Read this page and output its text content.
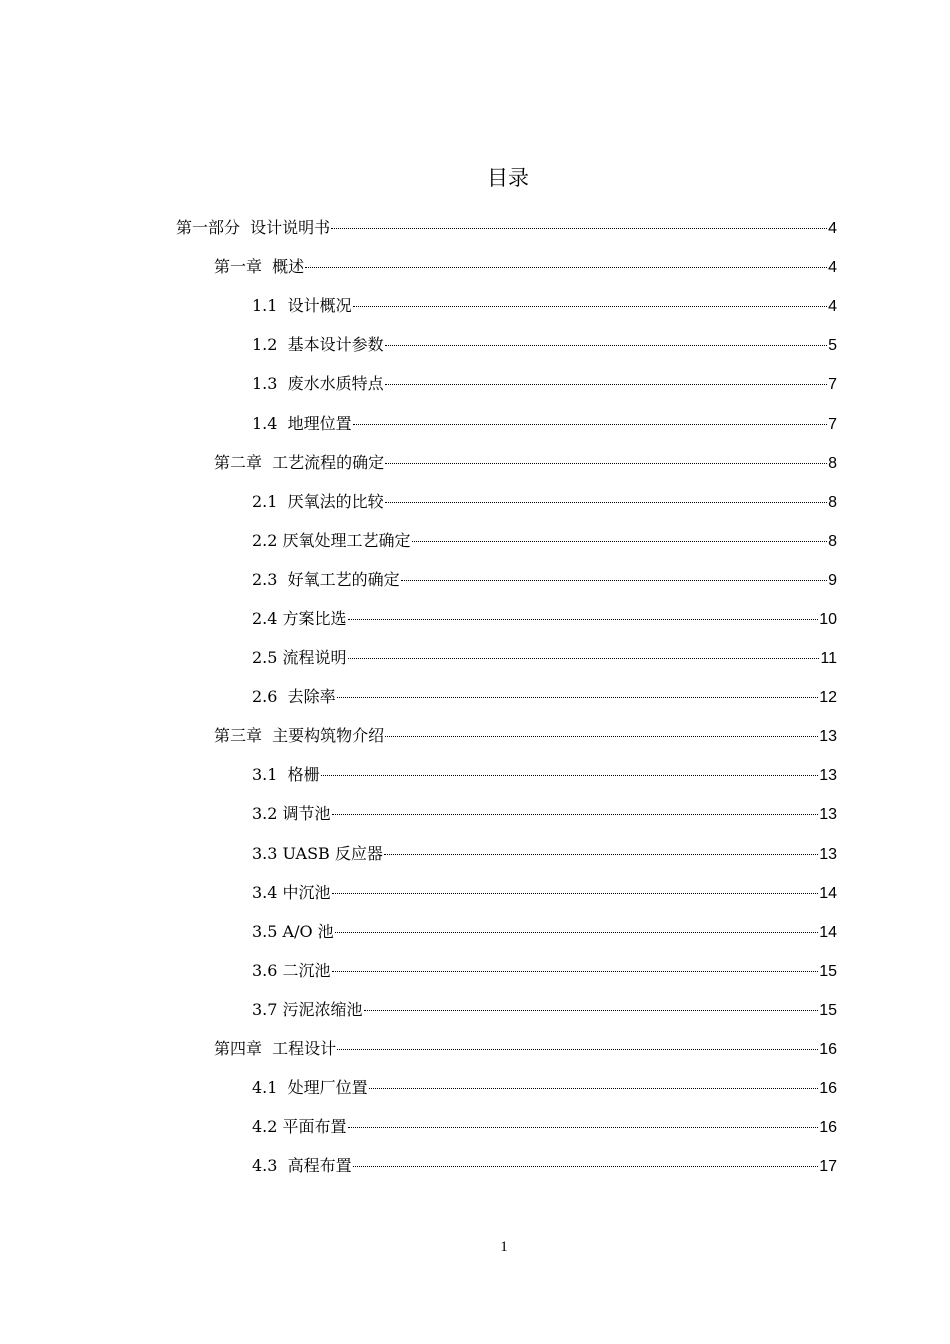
目录
第一部分  设计说明书	4
第一章  概述	4
1.1  设计概况	4
1.2  基本设计参数	5
1.3  废水水质特点	7
1.4  地理位置	7
第二章  工艺流程的确定	8
2.1  厌氧法的比较	8
2.2 厌氧处理工艺确定	8
2.3  好氧工艺的确定	9
2.4 方案比选	10
2.5 流程说明	11
2.6  去除率	12
第三章  主要构筑物介绍	13
3.1  格栅	13
3.2 调节池	13
3.3 UASB 反应器	13
3.4 中沉池	14
3.5 A/O 池	14
3.6 二沉池	15
3.7 污泥浓缩池	15
第四章  工程设计	16
4.1  处理厂位置	16
4.2 平面布置	16
4.3  高程布置	17
1
